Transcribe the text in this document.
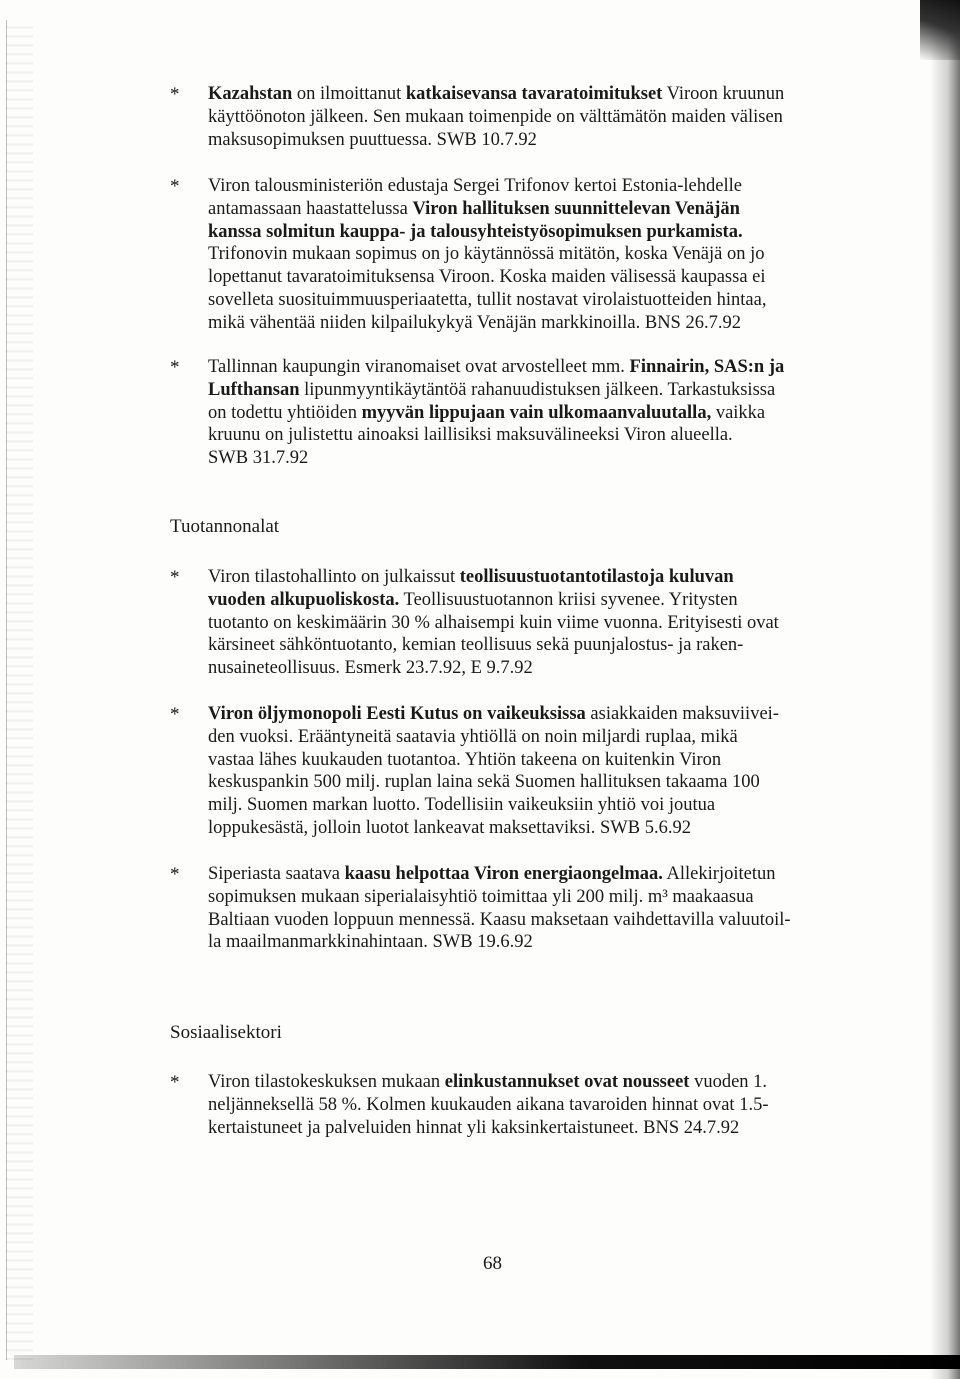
* Kazahstan on ilmoittanut katkaisevansa tavaratoimitukset Viroon kruunun
käyttöönoton jälkeen. Sen mukaan toimenpide on välttämätön maiden välisen
maksusopimuksen puuttuessa. SWB 10.7.92
* Viron talousministeriön edustaja Sergei Trifonov kertoi Estonia-lehdelle
antamassaan haastattelussa Viron hallituksen suunnittelevan Venäjän
kanssa solmitun kauppa- ja talousyhteistyösopimuksen purkamista.
Trifonovin mukaan sopimus on jo käytännössä mitätön, koska Venäjä on jo
lopettanut tavaratoimituksensa Viroon. Koska maiden välisessä kaupassa ei
sovelleta suosituimmuusperiaatetta, tullit nostavat virolaistuotteiden hintaa,
mikä vähentää niiden kilpailukykyä Venäjän markkinoilla. BNS 26.7.92
* Tallinnan kaupungin viranomaiset ovat arvostelleet mm. Finnairin, SAS:n ja
Lufthansan lipunmyyntikäytäntöä rahanuudistuksen jälkeen. Tarkastuksissa
on todettu yhtiöiden myyvän lippujaan vain ulkomaanvaluutalla, vaikka
kruunu on julistettu ainoaksi laillisiksi maksuvälineeksi Viron alueella.
SWB 31.7.92
Tuotannonalat
* Viron tilastohallinto on julkaissut teollisuustuotantotilastoja kuluvan
vuoden alkupuoliskosta. Teollisuustuotannon kriisi syvenee. Yritysten
tuotanto on keskimäärin 30 % alhaisempi kuin viime vuonna. Erityisesti ovat
kärsineet sähköntuotanto, kemian teollisuus sekä puunjalostus- ja raken-
nusaineteollisuus. Esmerk 23.7.92, E 9.7.92
* Viron öljymonopoli Eesti Kutus on vaikeuksissa asiakkaiden maksuviivei-
den vuoksi. Erääntyneitä saatavia yhtiöllä on noin miljardi ruplaa, mikä
vastaa lähes kuukauden tuotantoa. Yhtiön takeena on kuitenkin Viron
keskuspankin 500 milj. ruplan laina sekä Suomen hallituksen takaama 100
milj. Suomen markan luotto. Todellisiin vaikeuksiin yhtiö voi joutua
loppukesästä, jolloin luotot lankeavat maksettaviksi. SWB 5.6.92
* Siperiasta saatava kaasu helpottaa Viron energiaongelmaa. Allekirjoitetun
sopimuksen mukaan siperialaisyhtiö toimittaa yli 200 milj. m³ maakaasua
Baltiaan vuoden loppuun mennessä. Kaasu maksetaan vaihdettavilla valuutoil-
la maailmanmarkkinahintaan. SWB 19.6.92
Sosiaalisektori
* Viron tilastokeskuksen mukaan elinkustannukset ovat nousseet vuoden 1.
neljänneksellä 58 %. Kolmen kuukauden aikana tavaroiden hinnat ovat 1.5-
kertaistuneet ja palveluiden hinnat yli kaksinkertaistuneet. BNS 24.7.92
68
